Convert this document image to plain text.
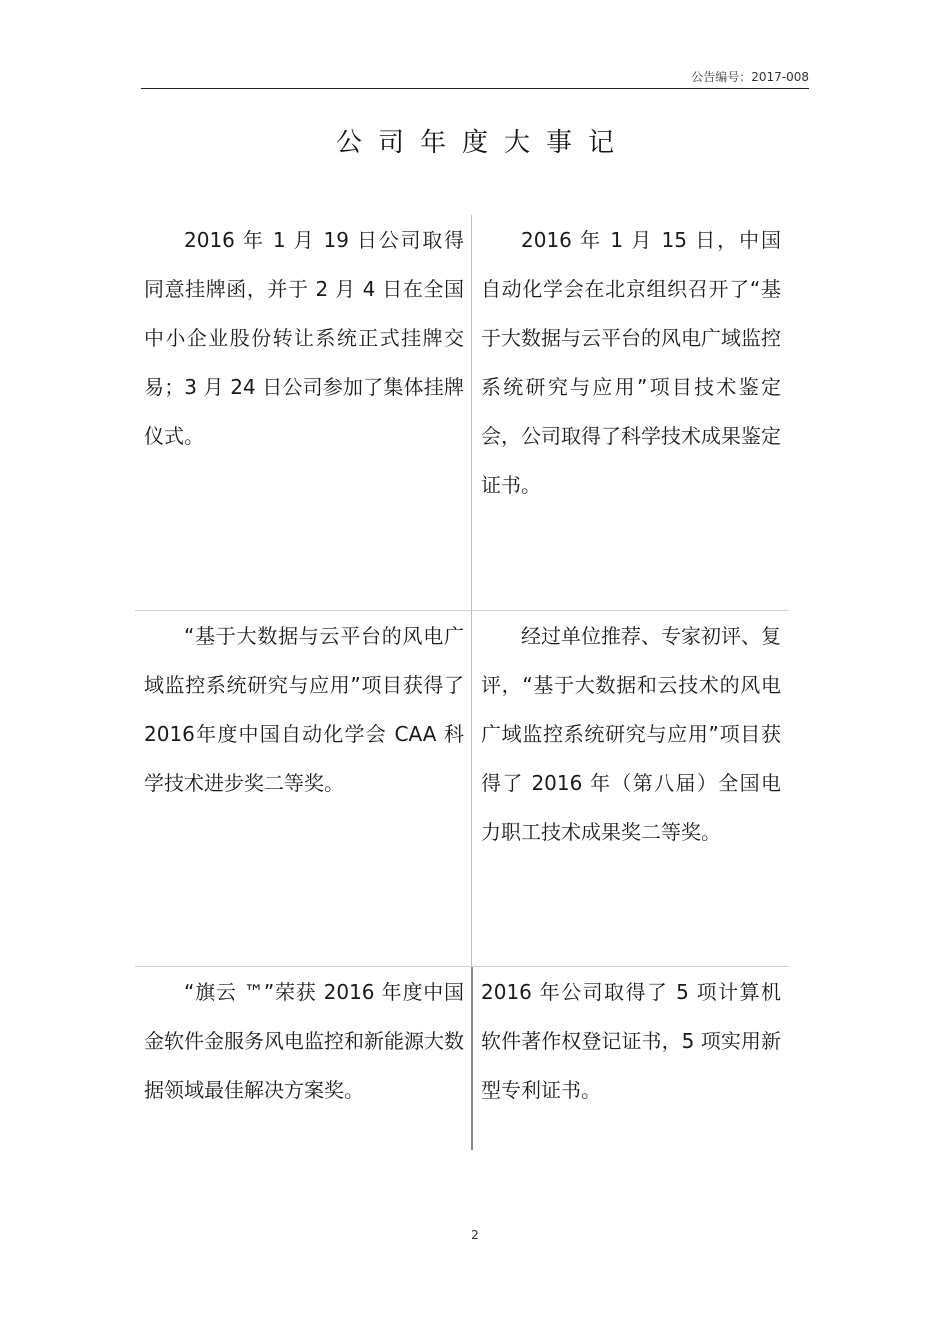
公告编号：2017-008
公司年度大事记
2016 年 1 月 19 日公司取得同意挂牌函，并于 2 月 4 日在全国中小企业股份转让系统正式挂牌交易；3 月 24 日公司参加了集体挂牌仪式。
2016 年 1 月 15 日，中国自动化学会在北京组织召开了“基于大数据与云平台的风电广域监控系统研究与应用”项目技术鉴定会，公司取得了科学技术成果鉴定证书。
“基于大数据与云平台的风电广域监控系统研究与应用”项目获得了2016年度中国自动化学会 CAA 科学技术进步奖二等奖。
经过单位推荐、专家初评、复评，“基于大数据和云技术的风电广域监控系统研究与应用”项目获得了 2016 年（第八届）全国电力职工技术成果奖二等奖。
“旗云 ™”荣获 2016 年度中国金软件金服务风电监控和新能源大数据领域最佳解决方案奖。
2016 年公司取得了 5 项计算机软件著作权登记证书，5 项实用新型专利证书。
2
